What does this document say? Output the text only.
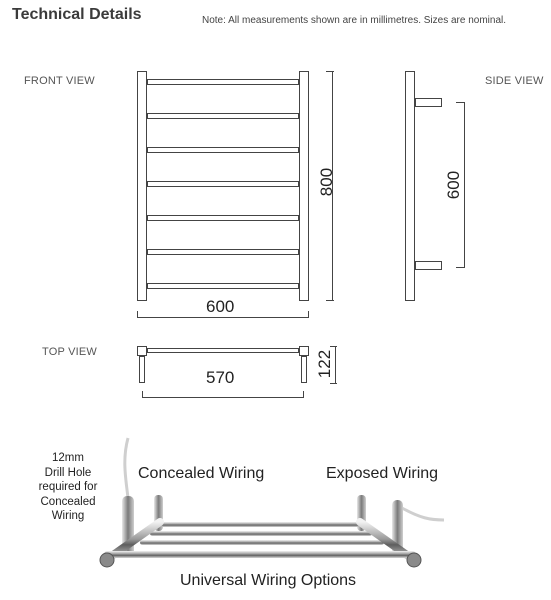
Technical Details	Note: All measurements shown are in millimetres. Sizes are nominal.
FRONT VIEW	SIDE VIEW
TOP VIEW
600
800	600
570	122
12mm
Drill Hole
required for
Concealed
Wiring
Concealed Wiring	Exposed Wiring
Universal Wiring Options
